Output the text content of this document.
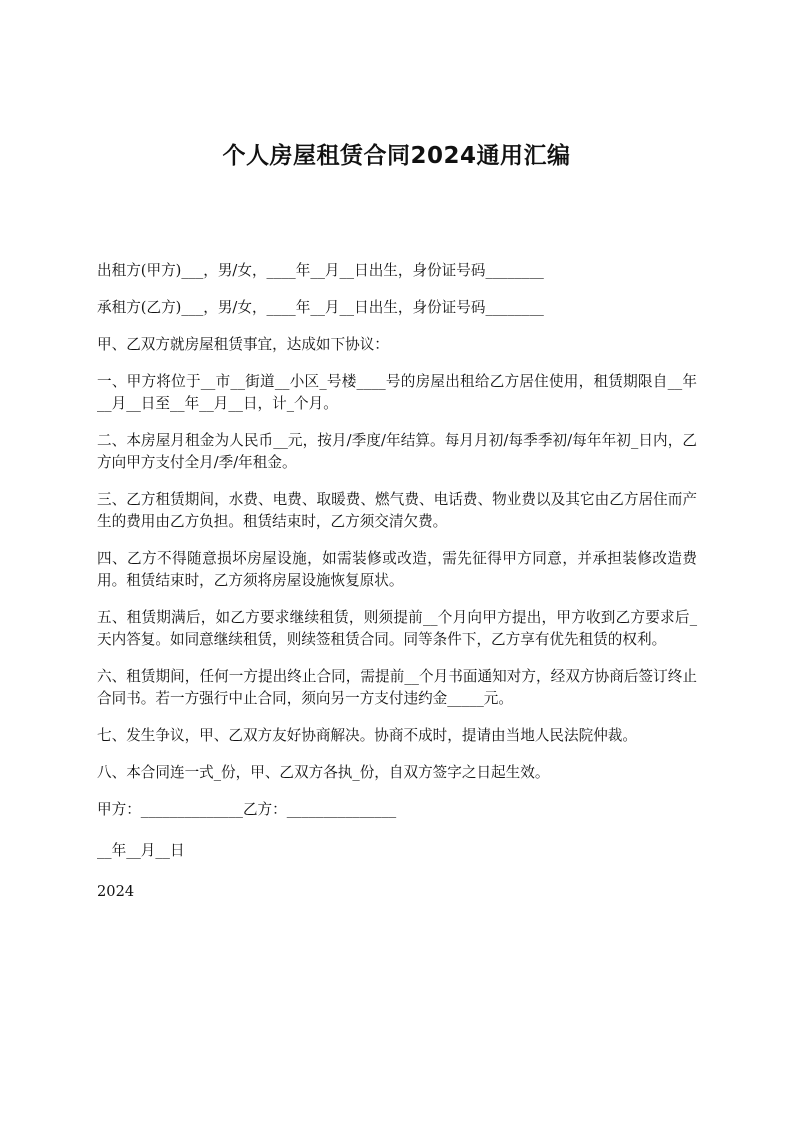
个人房屋租赁合同2024通用汇编

出租方(甲方)___，男/女，____年__月__日出生，身份证号码________

承租方(乙方)___，男/女，____年__月__日出生，身份证号码________

甲、乙双方就房屋租赁事宜，达成如下协议：

一、甲方将位于__市__街道__小区_号楼____号的房屋出租给乙方居住使用，租赁期限自__年__月__日至__年__月__日，计_个月。

二、本房屋月租金为人民币__元，按月/季度/年结算。每月月初/每季季初/每年年初_日内，乙方向甲方支付全月/季/年租金。

三、乙方租赁期间，水费、电费、取暖费、燃气费、电话费、物业费以及其它由乙方居住而产生的费用由乙方负担。租赁结束时，乙方须交清欠费。

四、乙方不得随意损坏房屋设施，如需装修或改造，需先征得甲方同意，并承担装修改造费用。租赁结束时，乙方须将房屋设施恢复原状。

五、租赁期满后，如乙方要求继续租赁，则须提前__个月向甲方提出，甲方收到乙方要求后_天内答复。如同意继续租赁，则续签租赁合同。同等条件下，乙方享有优先租赁的权利。

六、租赁期间，任何一方提出终止合同，需提前__个月书面通知对方，经双方协商后签订终止合同书。若一方强行中止合同，须向另一方支付违约金_____元。

七、发生争议，甲、乙双方友好协商解决。协商不成时，提请由当地人民法院仲裁。

八、本合同连一式_份，甲、乙双方各执_份，自双方签字之日起生效。

甲方：______________乙方：_______________

__年__月__日

2024
